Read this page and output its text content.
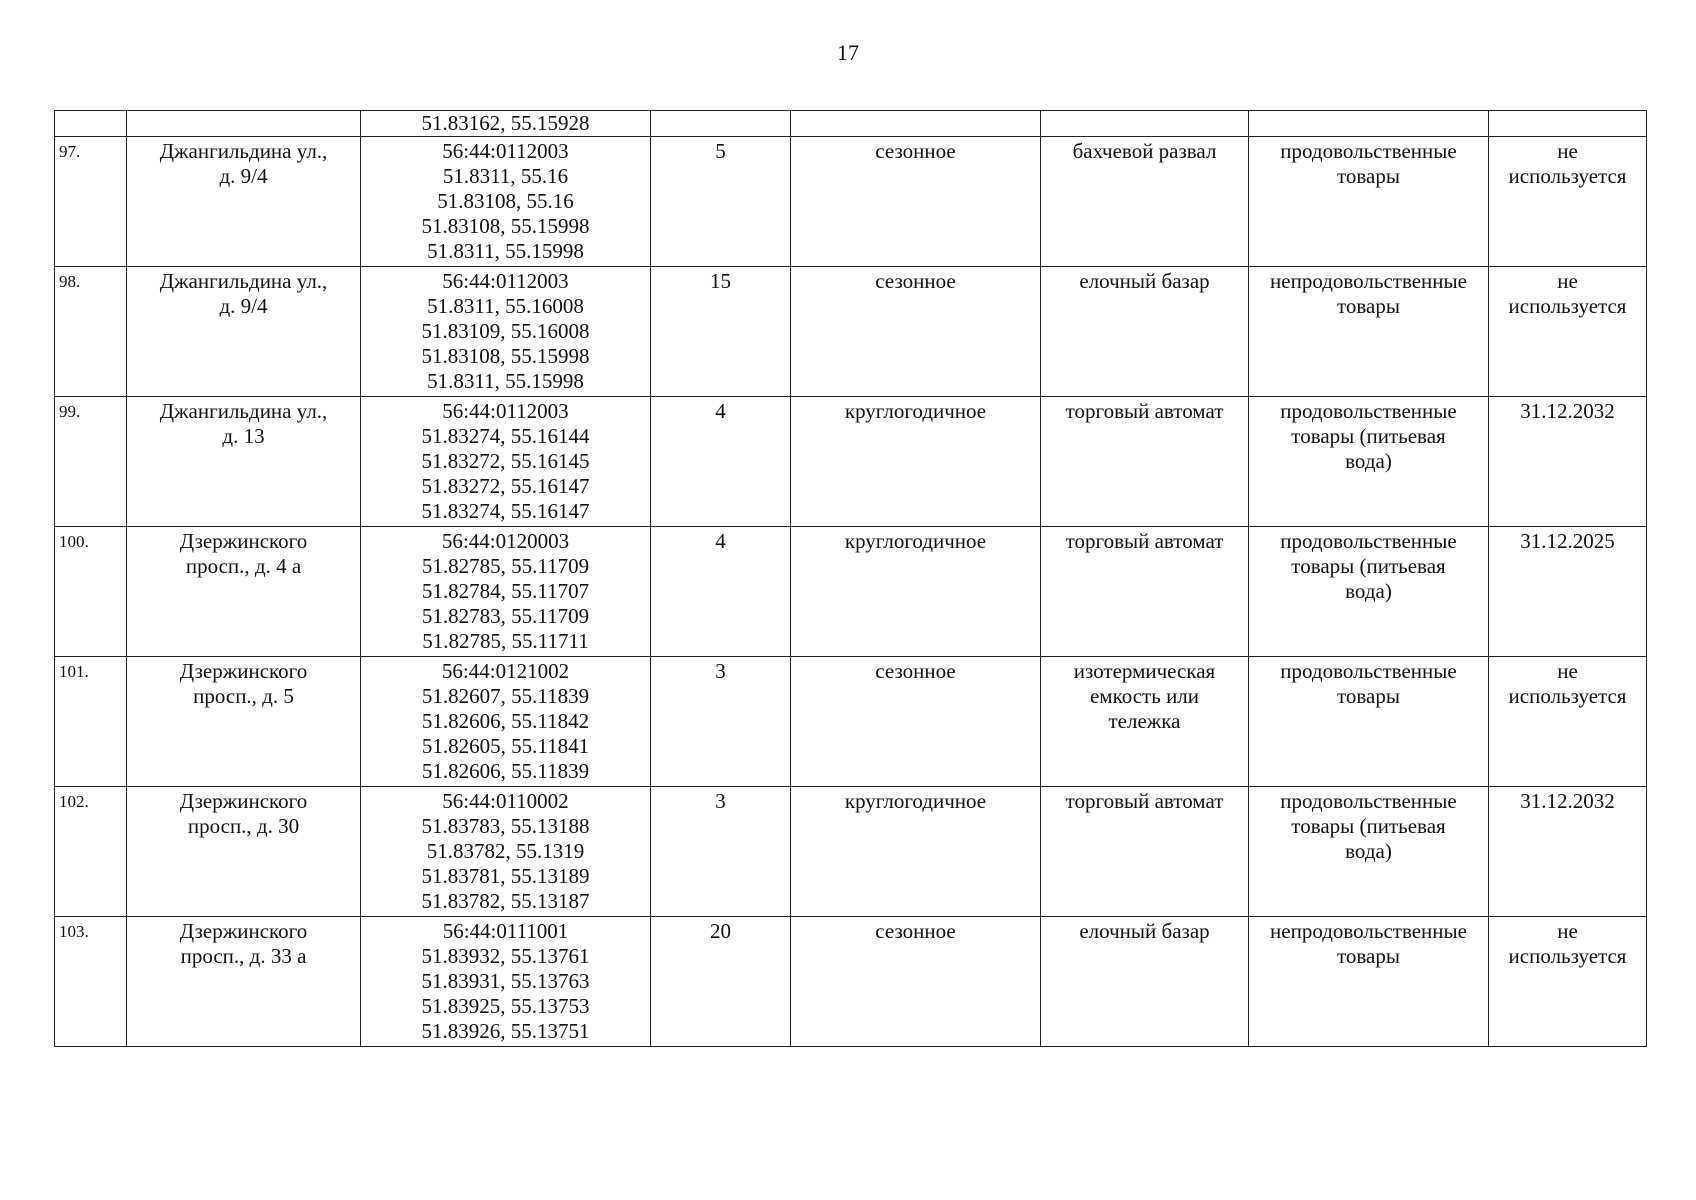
17

		51.83162, 55.15928					

97.	Джангильдина ул.,
д. 9/4	56:44:0112003
51.8311, 55.16
51.83108, 55.16
51.83108, 55.15998
51.8311, 55.15998	5	сезонное	бахчевой развал	продовольственные
товары	не
используется

98.	Джангильдина ул.,
д. 9/4	56:44:0112003
51.8311, 55.16008
51.83109, 55.16008
51.83108, 55.15998
51.8311, 55.15998	15	сезонное	елочный базар	непродовольственные
товары	не
используется

99.	Джангильдина ул.,
д. 13	56:44:0112003
51.83274, 55.16144
51.83272, 55.16145
51.83272, 55.16147
51.83274, 55.16147	4	круглогодичное	торговый автомат	продовольственные
товары (питьевая
вода)	31.12.2032

100.	Дзержинского
просп., д. 4 а	56:44:0120003
51.82785, 55.11709
51.82784, 55.11707
51.82783, 55.11709
51.82785, 55.11711	4	круглогодичное	торговый автомат	продовольственные
товары (питьевая
вода)	31.12.2025

101.	Дзержинского
просп., д. 5	56:44:0121002
51.82607, 55.11839
51.82606, 55.11842
51.82605, 55.11841
51.82606, 55.11839	3	сезонное	изотермическая
емкость или
тележка	продовольственные
товары	не
используется

102.	Дзержинского
просп., д. 30	56:44:0110002
51.83783, 55.13188
51.83782, 55.1319
51.83781, 55.13189
51.83782, 55.13187	3	круглогодичное	торговый автомат	продовольственные
товары (питьевая
вода)	31.12.2032

103.	Дзержинского
просп., д. 33 а	56:44:0111001
51.83932, 55.13761
51.83931, 55.13763
51.83925, 55.13753
51.83926, 55.13751	20	сезонное	елочный базар	непродовольственные
товары	не
используется
